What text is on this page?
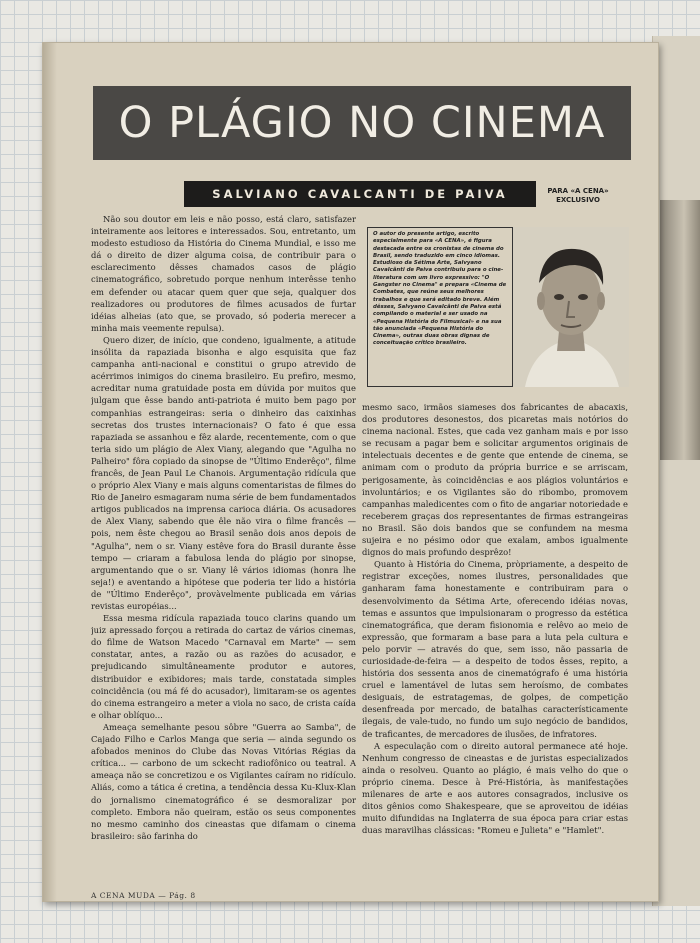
O PLÁGIO NO CINEMA
SALVIANO CAVALCANTI DE PAIVA	PARA «A CENA»
EXCLUSIVO

Não sou doutor em leis e não posso, está claro, satisfazer inteiramente aos leitores e interessados. Sou, entretanto, um modesto estudioso da História do Cinema Mundial, e isso me dá o direito de dizer alguma coisa, de contribuir para o esclarecimento dêsses chamados casos de plágio cinematográfico, sobretudo porque nenhum interêsse tenho em defender ou atacar quem quer que seja, qualquer dos realizadores ou produtores de filmes acusados de furtar idéias alheias (ato que, se provado, só poderia merecer a minha mais veemente repulsa).

Quero dizer, de início, que condeno, igualmente, a atitude insólita da rapaziada bisonha e algo esquisita que faz campanha anti-nacional e constitui o grupo atrevido de acérrimos inimigos do cinema brasileiro. Eu prefiro, mesmo, acreditar numa gratuidade posta em dúvida por muitos que julgam que êsse bando anti-patriota é muito bem pago por companhias estrangeiras: seria o dinheiro das caixinhas secretas dos trustes internacionais? O fato é que essa rapaziada se assanhou e fêz alarde, recentemente, com o que teria sido um plágio de Alex Viany, alegando que "Agulha no Palheiro" fôra copiado da sinopse de "Último Enderêço", filme francês, de Jean Paul Le Chanois. Argumentação ridícula que o próprio Alex Viany e mais alguns comentaristas de filmes do Rio de Janeiro esmagaram numa série de bem fundamentados artigos publicados na imprensa carioca diária. Os acusadores de Alex Viany, sabendo que êle não vira o filme francês — pois, nem êste chegou ao Brasil senão dois anos depois de "Agulha", nem o sr. Viany estêve fora do Brasil durante êsse tempo — criaram a fabulosa lenda do plágio por sinopse, argumentando que o sr. Viany lê vários idiomas (honra lhe seja!) e aventando a hipótese que poderia ter lido a história de "Último Enderêço", provàvelmente publicada em várias revistas européias...

Essa mesma ridícula rapaziada touco clarins quando um juiz apressado forçou a retirada do cartaz de vários cinemas, do filme de Watson Macedo "Carnaval em Marte" — sem constatar, antes, a razão ou as razões do acusador, e prejudicando simultâneamente produtor e autores, distribuidor e exibidores; mais tarde, constatada simples coincidência (ou má fé do acusador), limitaram-se os agentes do cinema estrangeiro a meter a viola no saco, de crista caída e olhar oblíquo...

Ameaça semelhante pesou sôbre "Guerra ao Samba", de Cajado Filho e Carlos Manga que seria — ainda segundo os afobados meninos do Clube das Novas Vitórias Régias da crítica... — carbono de um sckecht radiofônico ou teatral. A ameaça não se concretizou e os Vigilantes caíram no ridículo. Aliás, como a tática é cretina, a tendência dessa Ku-Klux-Klan do jornalismo cinematográfico é se desmoralizar por completo. Embora não queiram, estão os seus componentes no mesmo caminho dos cineastas que difamam o cinema brasileiro: são farinha do

O autor do presente artigo, escrito especialmente para «A CENA», é figura destacada entre os cronistas de cinema do Brasil, sendo traduzido em cinco idiomas. Estudioso da Sétima Arte, Salvyano Cavalcânti de Paiva contribuiu para o cine-literatura com um livro expressivo: "O Gangster no Cinema" e prepara «Cinema de Combates, que reúne seus melhores trabalhos e que será editado breve. Além dêsses, Salvyano Cavalcânti de Paiva está compilando o material e ser usado na «Pequena História do Filmusical» e na sua tão anunciada «Pequena História do Cinema», outras duas obras dignas de conceituação crítico brasileiro.

mesmo saco, irmãos siameses dos fabricantes de abacaxis, dos produtores desonestos, dos picaretas mais notórios do cinema nacional. Estes, que cada vez ganham mais e por isso se recusam a pagar bem e solicitar argumentos originais de intelectuais decentes e de gente que entende de cinema, se animam com o produto da própria burrice e se arriscam, perigosamente, às coincidências e aos plágios voluntários e involuntários; e os Vigilantes são do ribombo, promovem campanhas maledicentes com o fito de angariar notoriedade e receberem graças dos representantes de firmas estrangeiras no Brasil. São dois bandos que se confundem na mesma sujeira e no pésimo odor que exalam, ambos igualmente dignos do mais profundo desprêzo!

Quanto à História do Cinema, pròpriamente, a despeito de registrar exceções, nomes ilustres, personalidades que ganharam fama honestamente e contribuiram para o desenvolvimento da Sétima Arte, oferecendo idéias novas, temas e assuntos que impulsionaram o progresso da estética cinematográfica, que deram fisionomia e relêvo ao meio de expressão, que formaram a base para a luta pela cultura e pelo porvir — através do que, sem isso, não passaria de curiosidade-de-feira — a despeito de todos êsses, repito, a história dos sessenta anos de cinematógrafo é uma história cruel e lamentável de lutas sem heroísmo, de combates desiguais, de estratagemas, de golpes, de competição desenfreada por mercado, de batalhas característicamente ilegais, de vale-tudo, no fundo um sujo negócio de bandidos, de traficantes, de mercadores de ilusões, de infratores.

A especulação com o direito autoral permanece até hoje. Nenhum congresso de cineastas e de juristas especializados ainda o resolveu. Quanto ao plágio, é mais velho do que o próprio cinema. Desce à Pré-História, às manifestações milenares de arte e aos autores consagrados, inclusive os ditos gênios como Shakespeare, que se aproveitou de idéias muito difundidas na Inglaterra de sua época para criar estas duas maravilhas clássicas: "Romeu e Julieta" e "Hamlet".

A CENA MUDA — Pág. 8
